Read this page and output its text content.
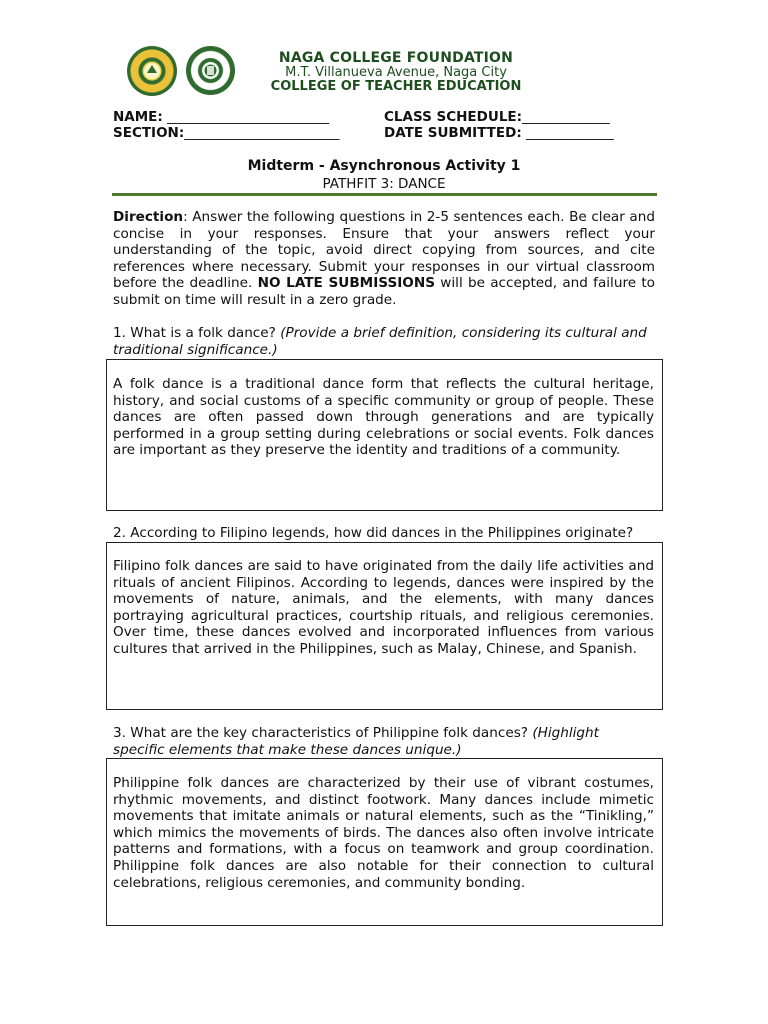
NAGA COLLEGE FOUNDATION
M.T. Villanueva Avenue, Naga City
COLLEGE OF TEACHER EDUCATION
NAME: ________________________
SECTION:_______________________
CLASS SCHEDULE:_____________
DATE SUBMITTED: _____________
Midterm - Asynchronous Activity 1
PATHFIT 3: DANCE
Direction: Answer the following questions in 2-5 sentences each. Be clear and concise in your responses. Ensure that your answers reflect your understanding of the topic, avoid direct copying from sources, and cite references where necessary. Submit your responses in our virtual classroom before the deadline. NO LATE SUBMISSIONS will be accepted, and failure to submit on time will result in a zero grade.
1. What is a folk dance? (Provide a brief definition, considering its cultural and traditional significance.)
A folk dance is a traditional dance form that reflects the cultural heritage, history, and social customs of a specific community or group of people. These dances are often passed down through generations and are typically performed in a group setting during celebrations or social events. Folk dances are important as they preserve the identity and traditions of a community.
2. According to Filipino legends, how did dances in the Philippines originate?
Filipino folk dances are said to have originated from the daily life activities and rituals of ancient Filipinos. According to legends, dances were inspired by the movements of nature, animals, and the elements, with many dances portraying agricultural practices, courtship rituals, and religious ceremonies. Over time, these dances evolved and incorporated influences from various cultures that arrived in the Philippines, such as Malay, Chinese, and Spanish.
3. What are the key characteristics of Philippine folk dances? (Highlight specific elements that make these dances unique.)
Philippine folk dances are characterized by their use of vibrant costumes, rhythmic movements, and distinct footwork. Many dances include mimetic movements that imitate animals or natural elements, such as the “Tinikling,” which mimics the movements of birds. The dances also often involve intricate patterns and formations, with a focus on teamwork and group coordination. Philippine folk dances are also notable for their connection to cultural celebrations, religious ceremonies, and community bonding.
